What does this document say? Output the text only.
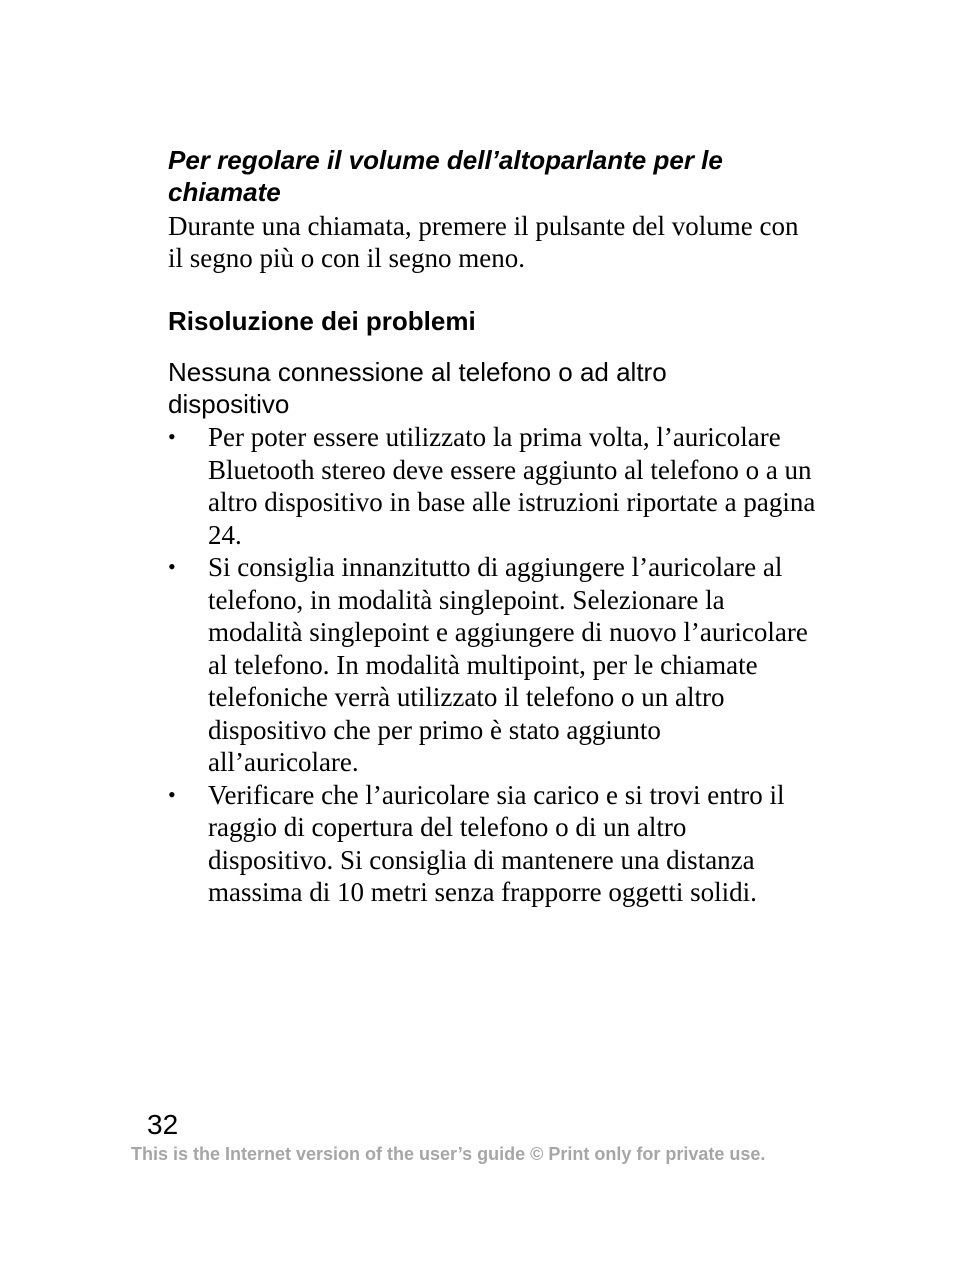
Per regolare il volume dell’altoparlante per le chiamate

Durante una chiamata, premere il pulsante del volume con il segno più o con il segno meno.

Risoluzione dei problemi
Nessuna connessione al telefono o ad altro dispositivo
•	Per poter essere utilizzato la prima volta, l’auricolare Bluetooth stereo deve essere aggiunto al telefono o a un altro dispositivo in base alle istruzioni riportate a pagina 24.
•	Si consiglia innanzitutto di aggiungere l’auricolare al telefono, in modalità singlepoint. Selezionare la modalità singlepoint e aggiungere di nuovo l’auricolare al telefono. In modalità multipoint, per le chiamate telefoniche verrà utilizzato il telefono o un altro dispositivo che per primo è stato aggiunto all’auricolare.
•	Verificare che l’auricolare sia carico e si trovi entro il raggio di copertura del telefono o di un altro dispositivo. Si consiglia di mantenere una distanza massima di 10 metri senza frapporre oggetti solidi.
32
This is the Internet version of the user’s guide © Print only for private use.
